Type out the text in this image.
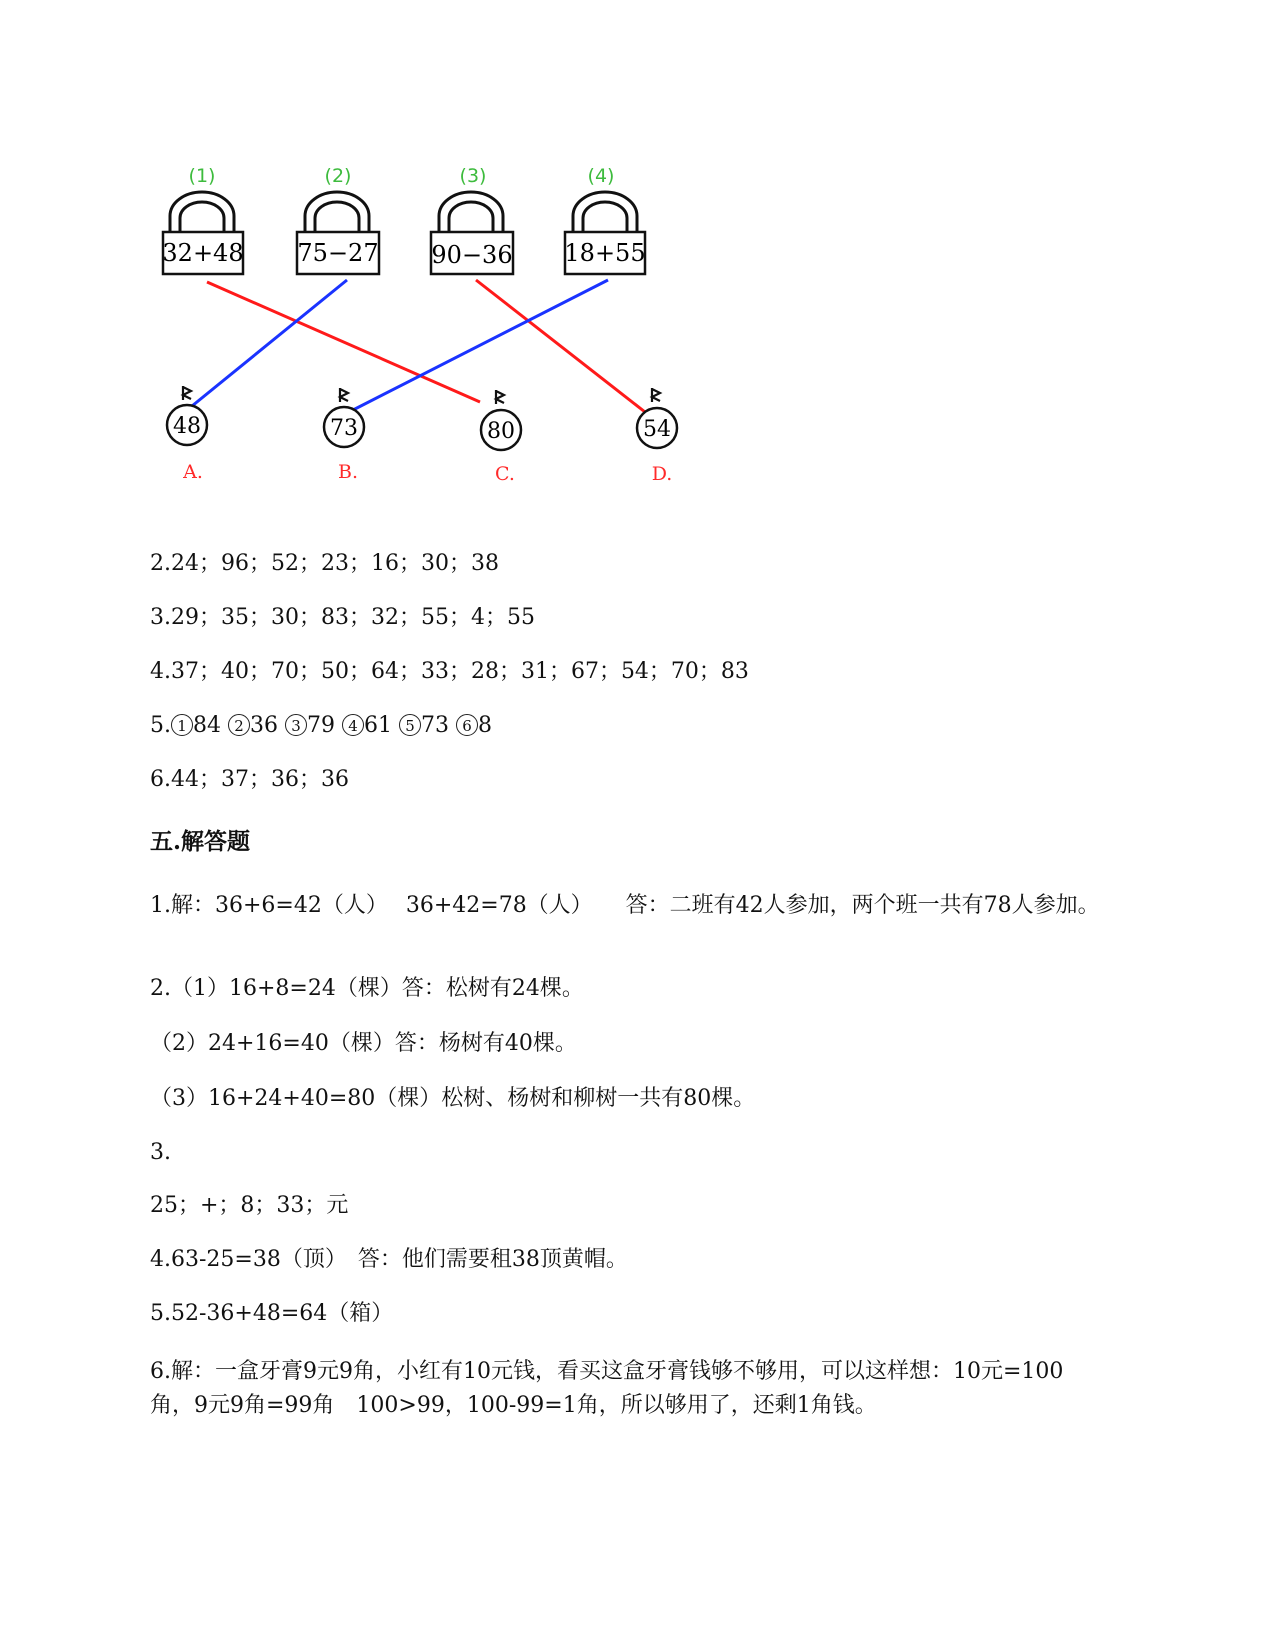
(1)
32+48
(2)
75−27
(3)
90−36
(4)
18+55
48
A.
73
B.
80
C.
54
D.
2.24；96；52；23；16；30；38
3.29；35；30；83；32；55；4；55
4.37；40；70；50；64；33；28；31；67；54；70；83
5. 1 84 2 36 3 79 4 61 5 73 6 8
6.44；37；36；36
五.解答题
1.解：36+6=42（人）　 36+42=78（人）　　答：二班有42人参加，两个班一共有78人参加。
2.（1）16+8=24（棵）答：松树有24棵。
（2）24+16=40（棵）答：杨树有40棵。
（3）16+24+40=80（棵）松树、杨树和柳树一共有80棵。
3.
25；+；8；33；元
4.63-25=38（顶）　答：他们需要租38顶黄帽。
5.52-36+48=64（箱）
6.解：一盒牙膏9元9角，小红有10元钱，看买这盒牙膏钱够不够用，可以这样想：10元=100角，9元9角=99角　100>99，100-99=1角，所以够用了，还剩1角钱。
